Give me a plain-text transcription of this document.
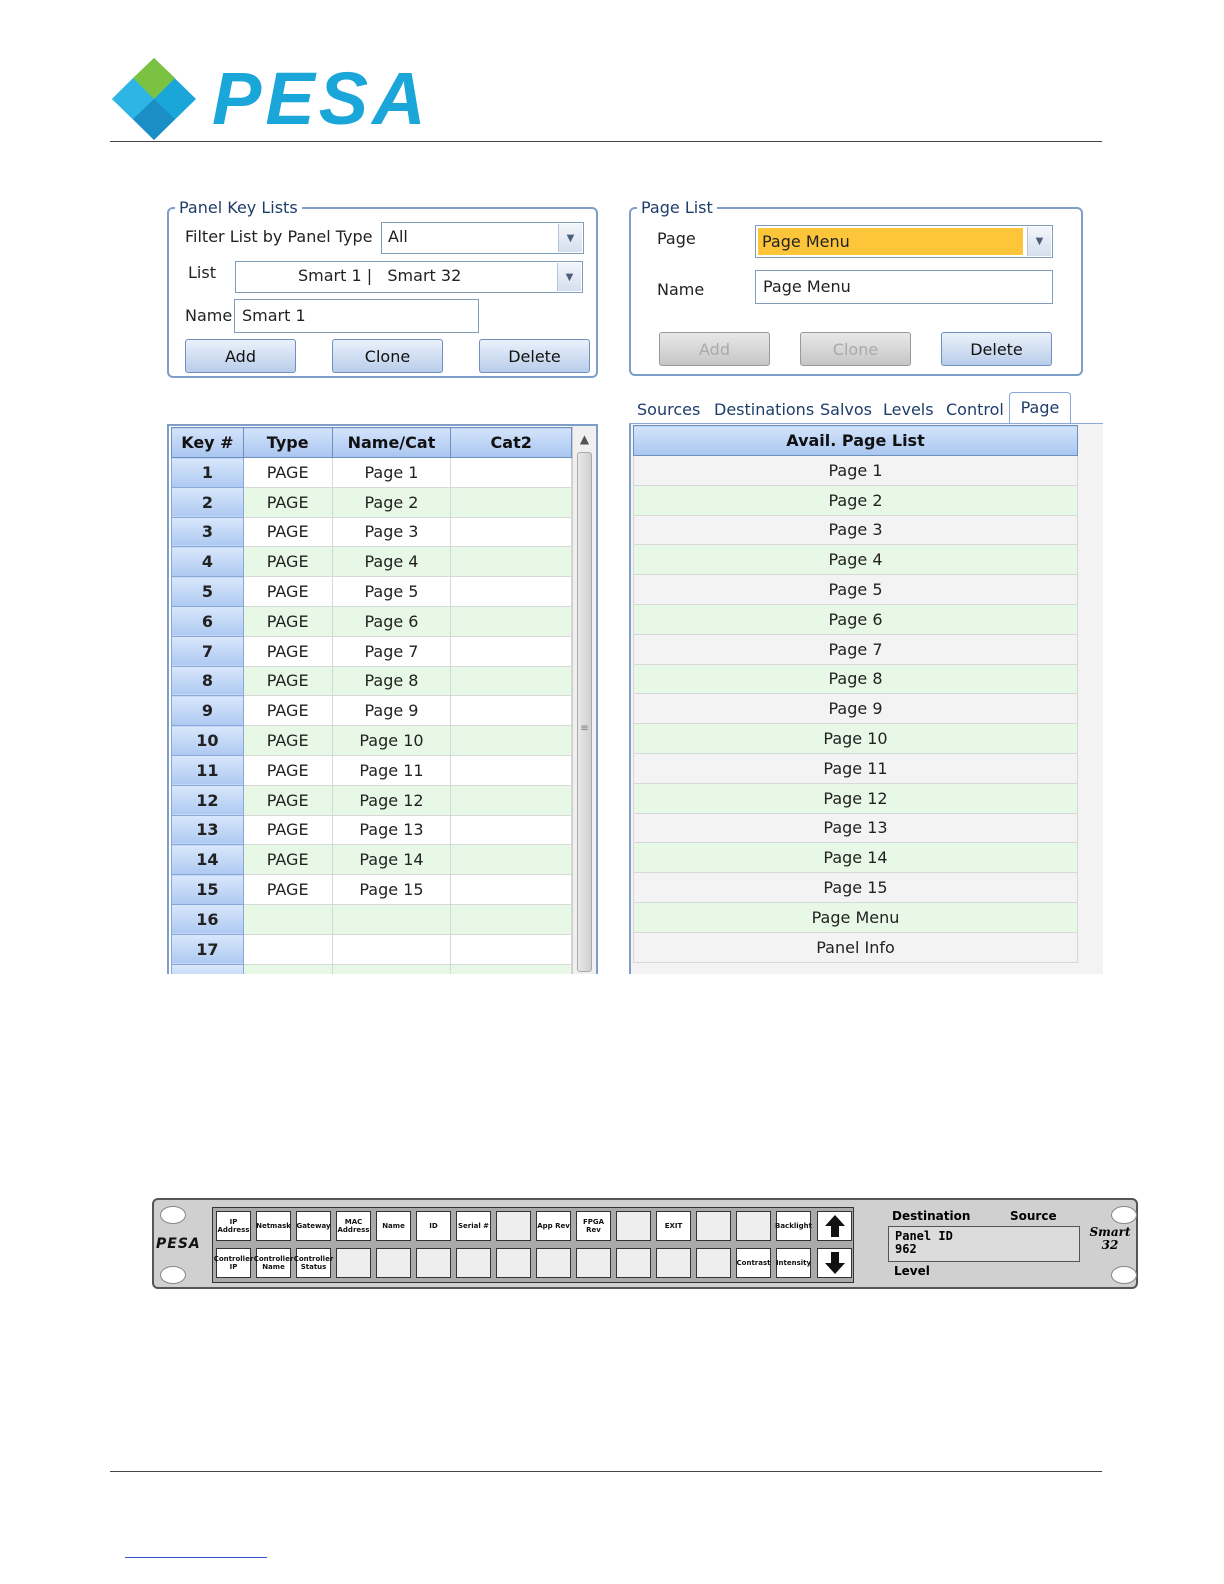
PESA
Panel Key Lists
Filter List by Panel Type All	▼
List	Smart 1 |   Smart 32	▼
Name Smart 1
Add	Clone	Delete
Page List
Page	Page Menu	▼
Name	Page Menu
Add	Clone	Delete
Sources Destinations Salvos Levels Control	Page
Key #	Type	Name/Cat	Cat2
1	PAGE	Page 1	
2	PAGE	Page 2	
3	PAGE	Page 3	
4	PAGE	Page 4	
5	PAGE	Page 5	
6	PAGE	Page 6	
7	PAGE	Page 7	
8	PAGE	Page 8	
9	PAGE	Page 9	
10	PAGE	Page 10	
11	PAGE	Page 11	
12	PAGE	Page 12	
13	PAGE	Page 13	
14	PAGE	Page 14	
15	PAGE	Page 15	
16			
17			

▲
≡
Avail. Page List
Page 1
Page 2
Page 3
Page 4
Page 5
Page 6
Page 7
Page 8
Page 9
Page 10
Page 11
Page 12
Page 13
Page 14
Page 15
Page Menu
Panel Info
PESA
IP Address Netmask Gateway	MAC Address	Name	ID	Serial #	App Rev	FPGA Rev	EXIT	Backlight
Controller IP
Controller Name
Controller Status	Contrast Intensity
Destination	Source
Panel ID
962
Level
Smart 32
